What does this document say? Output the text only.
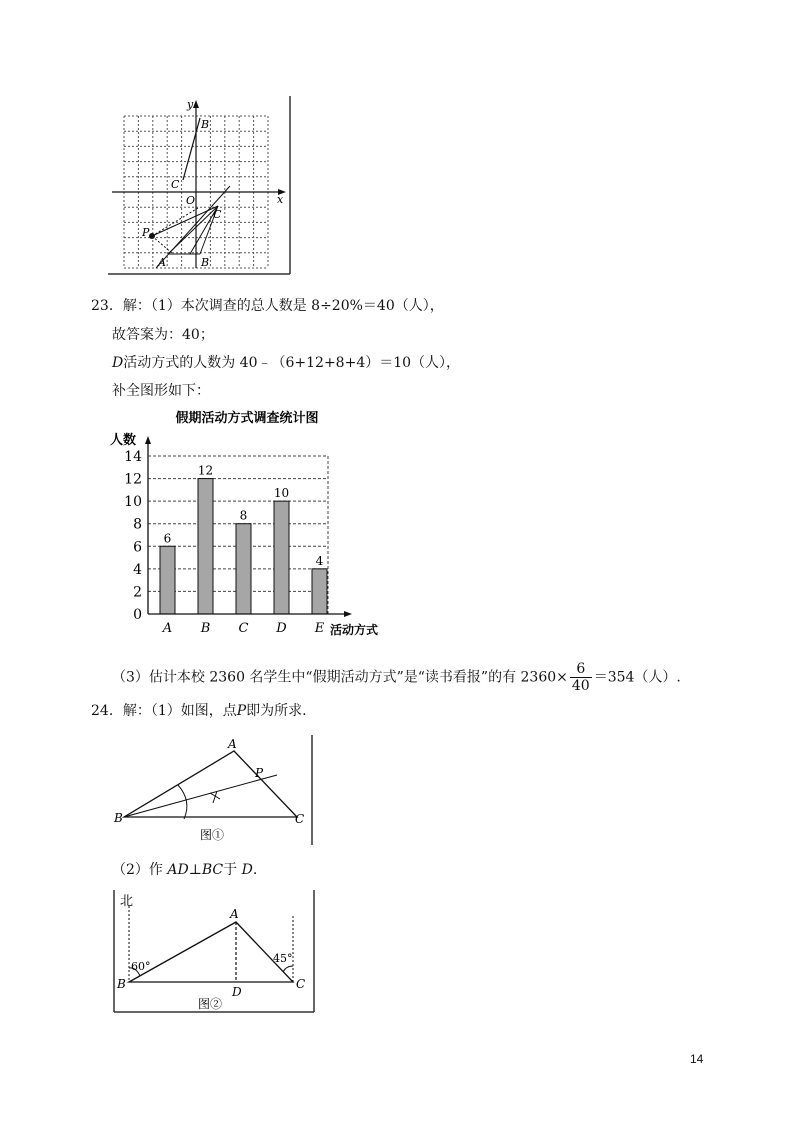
y
x
O
B
C
C
P
A	B
23．解：（1）本次调查的总人数是 8÷20%＝40（人），
故答案为：40；
D活动方式的人数为 40﹣（6+12+8+4）＝10（人），
补全图形如下：
假期活动方式调查统计图
人数
活动方式
6
12
8
10
4
0
2
4
6
8
10
12
14
A B C D E
（3）估计本校 2360 名学生中“假期活动方式”是“读书看报”的有 $2360\times \frac{6}{40} =354$（人）.
24．解：（1）如图，点P即为所求.
A
B	C
P
图①
（2）作 AD⊥BC于 D.
北
60°
45°
A
B	C
D
图②
14
